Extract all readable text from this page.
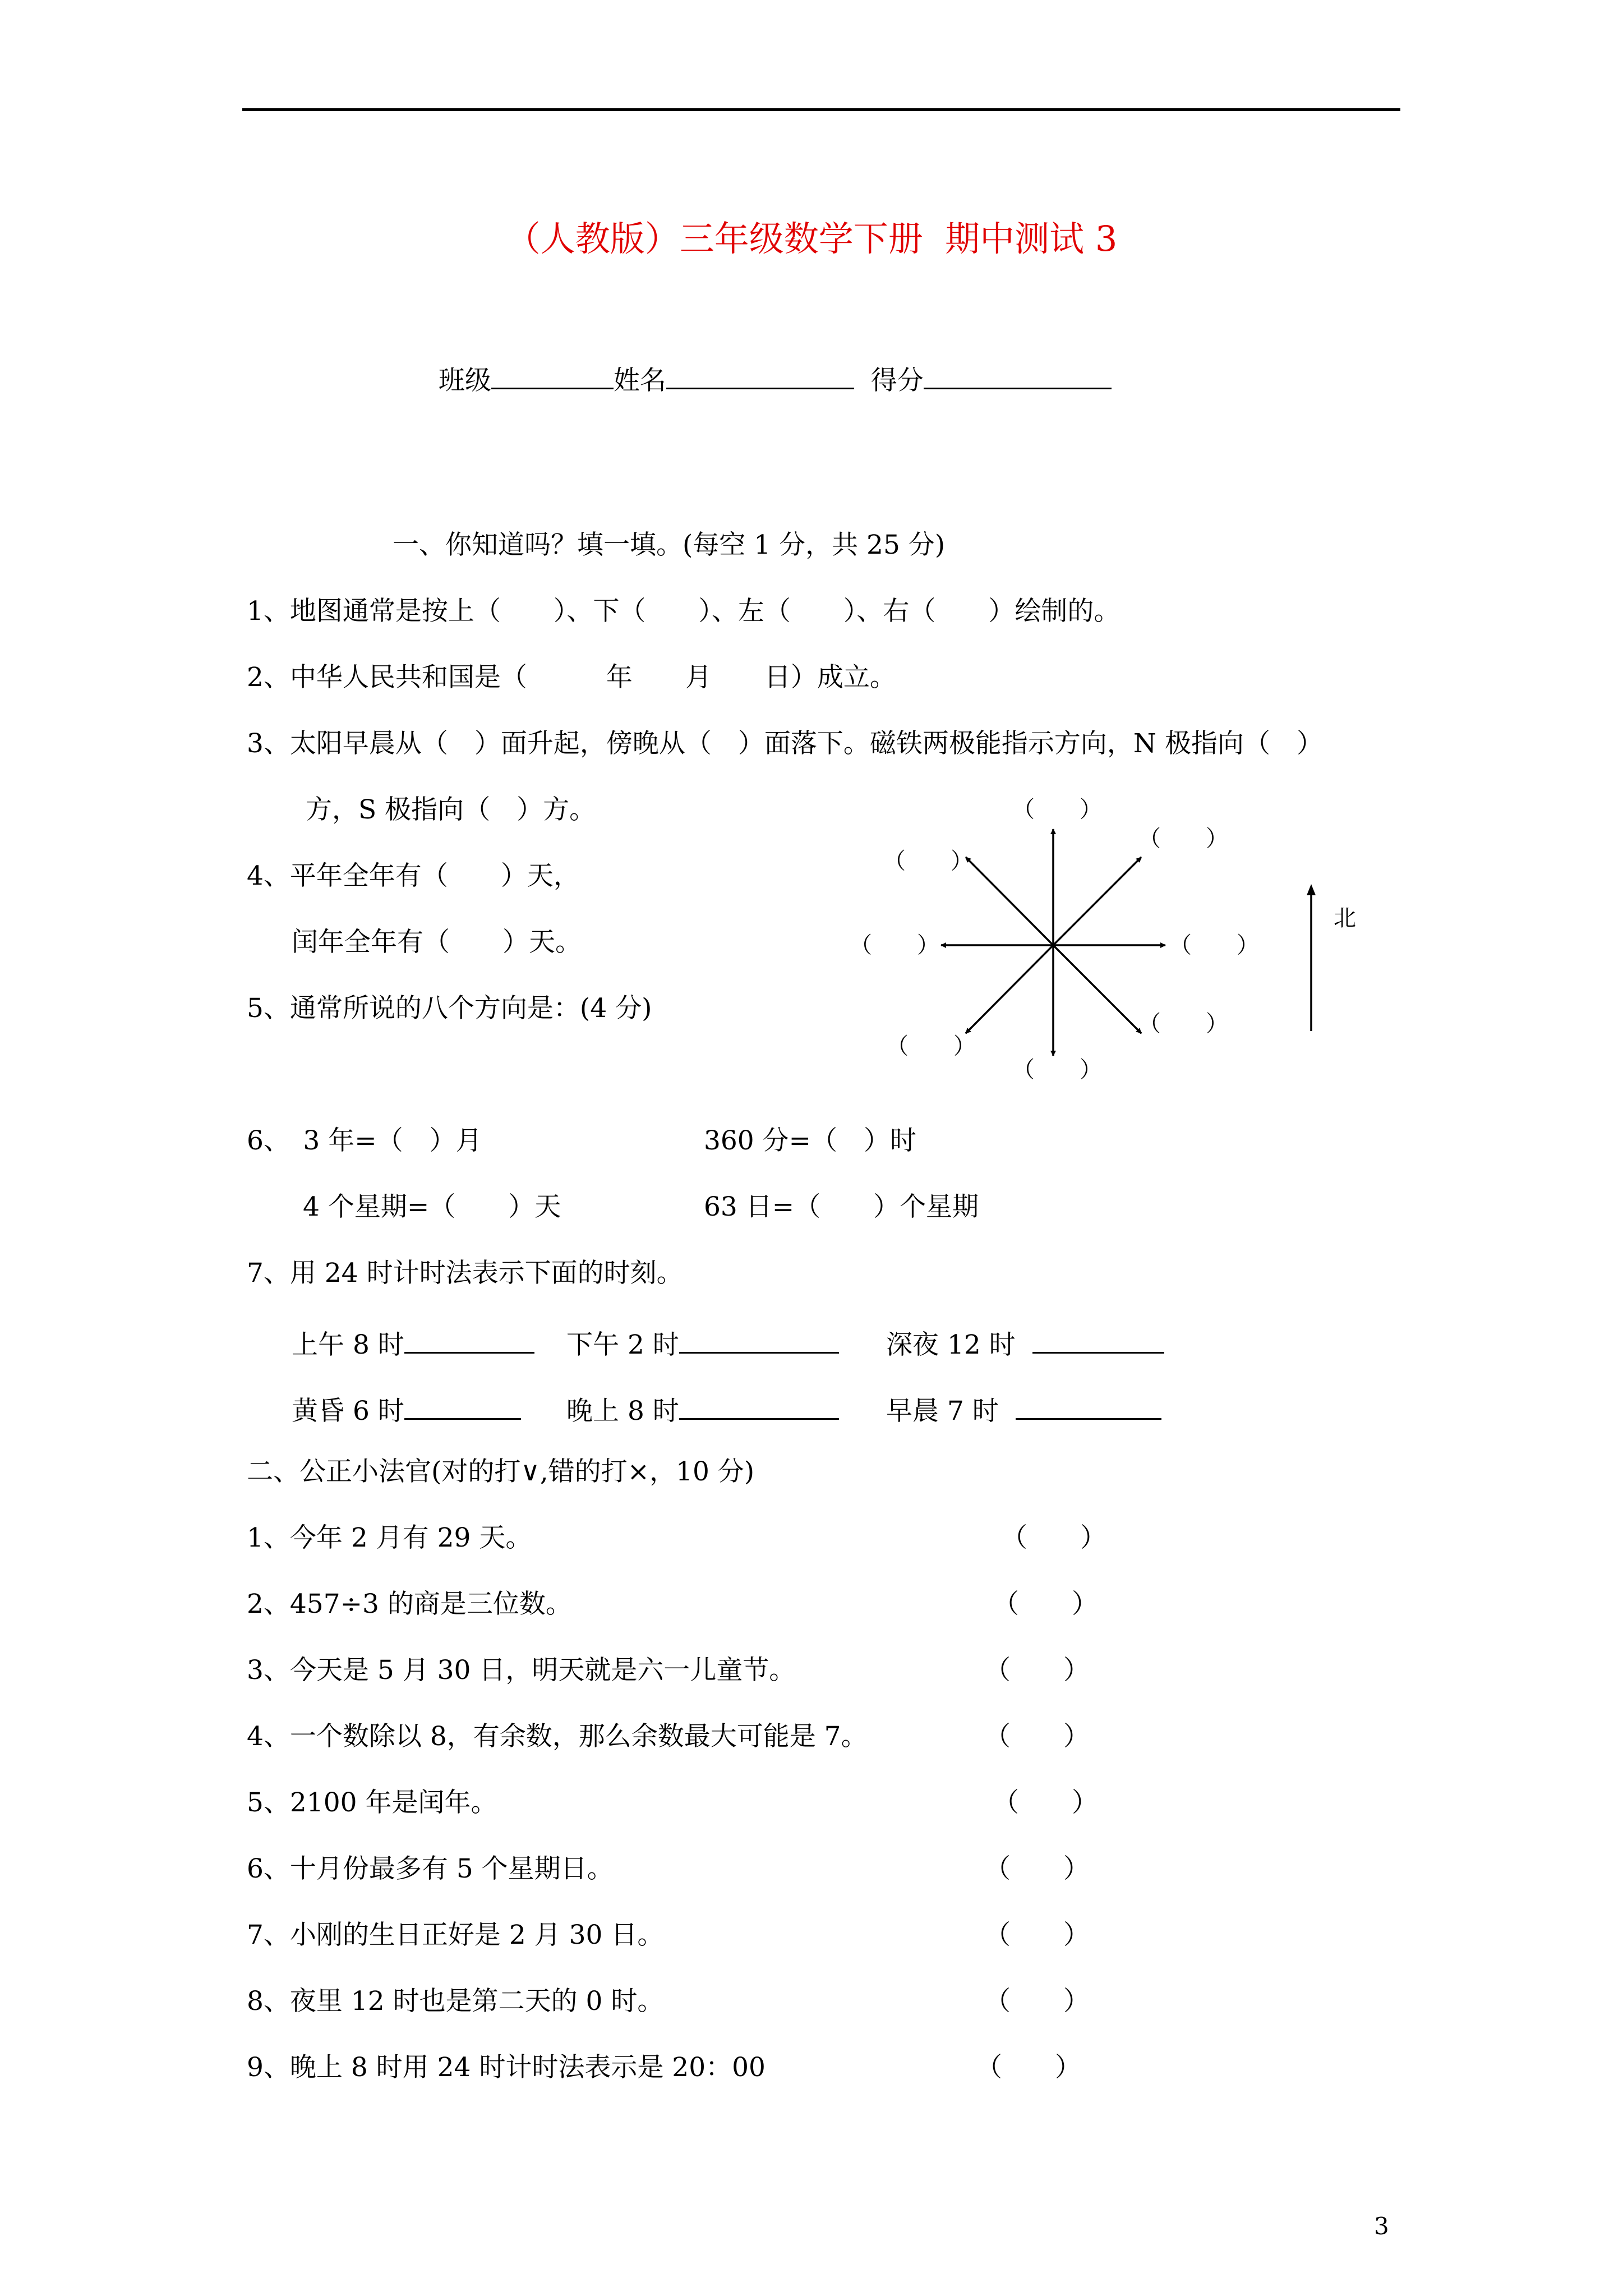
（人教版）三年级数学下册  期中测试 3

班级	姓名	得分

一、你知道吗？填一填。(每空 1 分，共 25 分)
1、地图通常是按上（　　）、下（　　）、左（　　）、右（　　）绘制的。
2、中华人民共和国是（　　　年　　月　　日）成立。
3、太阳早晨从（　）面升起，傍晚从（　）面落下。磁铁两极能指示方向，N 极指向（　）
方，S 极指向（　）方。
4、平年全年有（　　）天，
闰年全年有（　　）天。
5、通常所说的八个方向是：(4 分)
（　　）
（　　）
（　　）
（　　）	（　　）
（　　）
（　　）
（　　）
北
6、　3 年=（　）月	360 分=（　）时
4 个星期=（　　）天	63 日=（　　）个星期
7、用 24 时计时法表示下面的时刻。
上午 8 时	下午 2 时	深夜 12 时
黄昏 6 时	晚上 8 时	早晨 7 时
二、公正小法官(对的打∨,错的打×，10 分)
1、今年 2 月有 29 天。	（　　）
2、457÷3 的商是三位数。	（　　）
3、今天是 5 月 30 日，明天就是六一儿童节。	（　　）
4、一个数除以 8，有余数，那么余数最大可能是 7。	（　　）
5、2100 年是闰年。	（　　）
6、十月份最多有 5 个星期日。	（　　）
7、小刚的生日正好是 2 月 30 日。	（　　）
8、夜里 12 时也是第二天的 0 时。	（　　）
9、晚上 8 时用 24 时计时法表示是 20：00	（　　）
3
